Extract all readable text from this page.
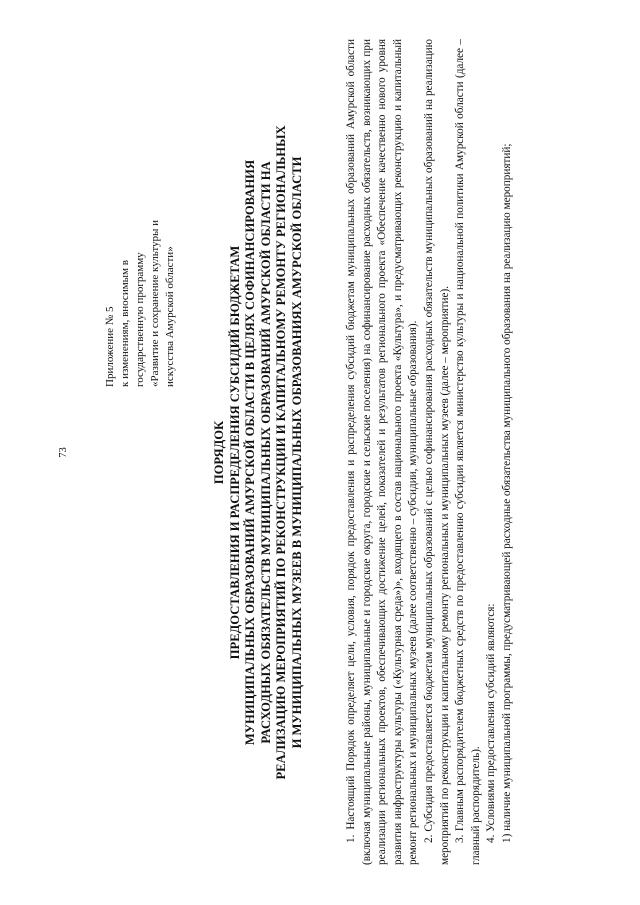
73
Приложение № 5 к изменениям, вносимым в государственную программу «Развитие и сохранение культуры и искусства Амурской области»
ПОРЯДОК ПРЕДОСТАВЛЕНИЯ И РАСПРЕДЕЛЕНИЯ СУБСИДИЙ БЮДЖЕТАМ МУНИЦИПАЛЬНЫХ ОБРАЗОВАНИЙ АМУРСКОЙ ОБЛАСТИ В ЦЕЛЯХ СОФИНАНСИРОВАНИЯ РАСХОДНЫХ ОБЯЗАТЕЛЬСТВ МУНИЦИПАЛЬНЫХ ОБРАЗОВАНИЙ АМУРСКОЙ ОБЛАСТИ НА РЕАЛИЗАЦИЮ МЕРОПРИЯТИЙ ПО РЕКОНСТРУКЦИИ И КАПИТАЛЬНОМУ РЕМОНТУ РЕГИОНАЛЬНЫХ И МУНИЦИПАЛЬНЫХ МУЗЕЕВ В МУНИЦИПАЛЬНЫХ ОБРАЗОВАНИЯХ АМУРСКОЙ ОБЛАСТИ	1. Настоящий Порядок определяет цели, условия, порядок предоставления и распределения субсидий бюджетам муниципальных образований Амурской области (включая муниципальные районы, муниципальные и городские округа, городские и сельские поселения) на софинансирование расходных обязательств, возникающих при реализации региональных проектов, обеспечивающих достижение целей, показателей и результатов регионального проекта «Обеспечение качественно нового уровня развития инфраструктуры культуры («Культурная среда»)», входящего в состав национального проекта «Культура», и предусматривающих реконструкцию и капитальный ремонт региональных и муниципальных музеев (далее соответственно – субсидии, муниципальные образования). 2. Субсидия предоставляется бюджетам муниципальных образований с целью софинансирования расходных обязательств муниципальных образований на реализацию мероприятий по реконструкции и капитальному ремонту региональных и муниципальных музеев (далее – мероприятие). 3. Главным распорядителем бюджетных средств по предоставлению субсидии является министерство культуры и национальной политики Амурской области (далее – главный распорядитель). 4. Условиями предоставления субсидий являются: 1) наличие муниципальной программы, предусматривающей расходные обязательства муниципального образования на реализацию мероприятий;
